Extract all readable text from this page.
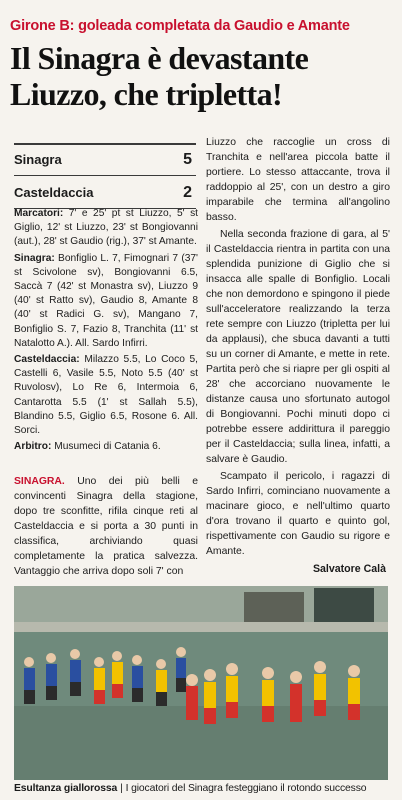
Girone B: goleada completata da Gaudio e Amante
Il Sinagra è devastante
Liuzzo, che tripletta!
Sinagra	5
Casteldaccia	2

Marcatori: 7' e 25' pt st Liuzzo, 5' st Giglio, 12' st Liuzzo, 23' st Bongiovanni (aut.), 28' st Gaudio (rig.), 37' st Amante.

Sinagra: Bonfiglio L. 7, Fimognari 7 (37' st Scivolone sv), Bongiovanni 6.5, Saccà 7 (42' st Monastra sv), Liuzzo 9 (40' st Ratto sv), Gaudio 8, Amante 8 (40' st Radici G. sv), Mangano 7, Bonfiglio S. 7, Fazio 8, Tranchita (11' st Natalotto A.). All. Sardo Infirri.

Casteldaccia: Milazzo 5.5, Lo Coco 5, Castelli 6, Vasile 5.5, Noto 5.5 (40' st Ruvolosv), Lo Re 6, Intermoia 6, Cantarotta 5.5 (1' st Sallah 5.5), Blandino 5.5, Giglio 6.5, Rosone 6. All. Sorci.

Arbitro: Musumeci di Catania 6.

SINAGRA. Uno dei più belli e convincenti Sinagra della stagione, dopo tre sconfitte, rifila cinque reti al Casteldaccia e si porta a 30 punti in classifica, archiviando quasi completamente la pratica salvezza. Vantaggio che arriva dopo soli 7' con

Liuzzo che raccoglie un cross di Tranchita e nell'area piccola batte il portiere. Lo stesso attaccante, trova il raddoppio al 25', con un destro a giro imparabile che termina all'angolino basso.

Nella seconda frazione di gara, al 5' il Casteldaccia rientra in partita con una splendida punizione di Giglio che si insacca alle spalle di Bonfiglio. Locali che non demordono e spingono il piede sull'acceleratore realizzando la terza rete sempre con Liuzzo (tripletta per lui da applausi), che sbuca davanti a tutti su un corner di Amante, e mette in rete. Partita però che si riapre per gli ospiti al 28' che accorciano nuovamente le distanze causa uno sfortunato autogol di Bongiovanni. Pochi minuti dopo ci potrebbe essere addirittura il pareggio per il Casteldaccia; sulla linea, infatti, a salvare è Gaudio.

Scampato il pericolo, i ragazzi di Sardo Infirri, cominciano nuovamente a macinare gioco, e nell'ultimo quarto d'ora trovano il quarto e quinto gol, rispettivamente con Gaudio su rigore e Amante.

Salvatore Calà
Esultanza giallorossa | I giocatori del Sinagra festeggiano il rotondo successo
